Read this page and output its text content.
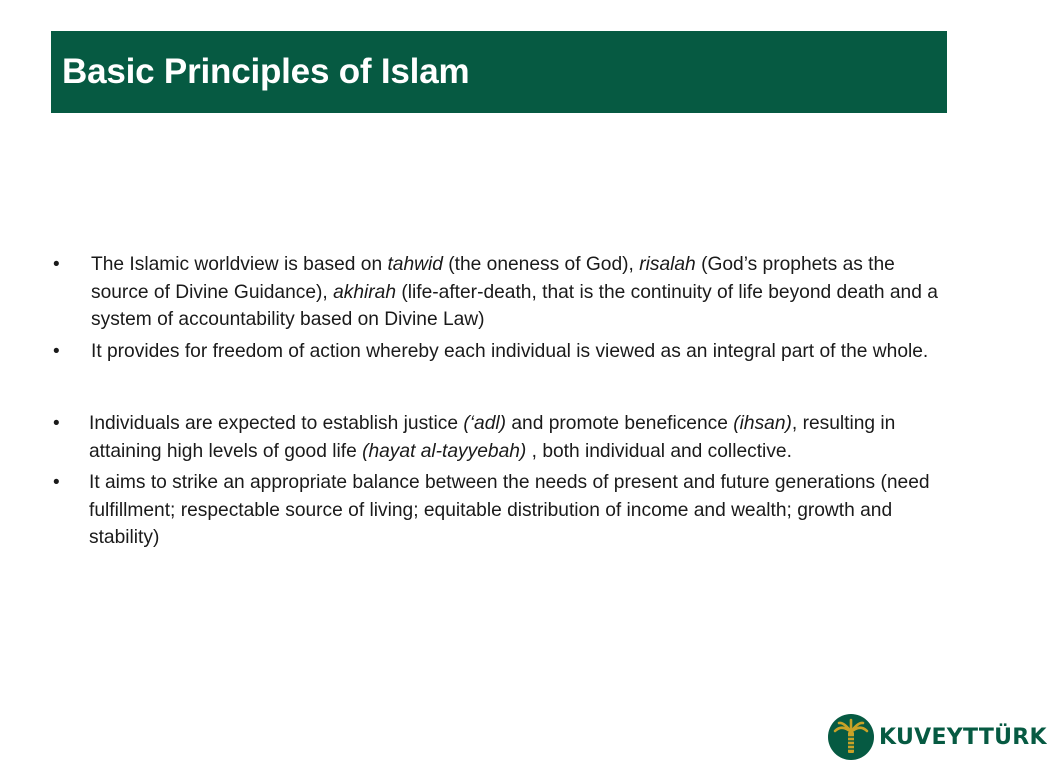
Basic Principles of Islam
• The Islamic worldview is based on tahwid (the oneness of God), risalah (God’s prophets as the source of Divine Guidance), akhirah (life-after-death, that is the continuity of life beyond death and a system of accountability based on Divine Law)
• It provides for freedom of action whereby each individual is viewed as an integral part of the whole.
• Individuals are expected to establish justice (‘adl) and promote beneficence (ihsan), resulting in attaining high levels of good life (hayat al-tayyebah) , both individual and collective.
• It aims to strike an appropriate balance between the needs of present and future generations (need fulfillment; respectable source of living; equitable distribution of income and wealth; growth and stability)
KUVEYTTÜRK
